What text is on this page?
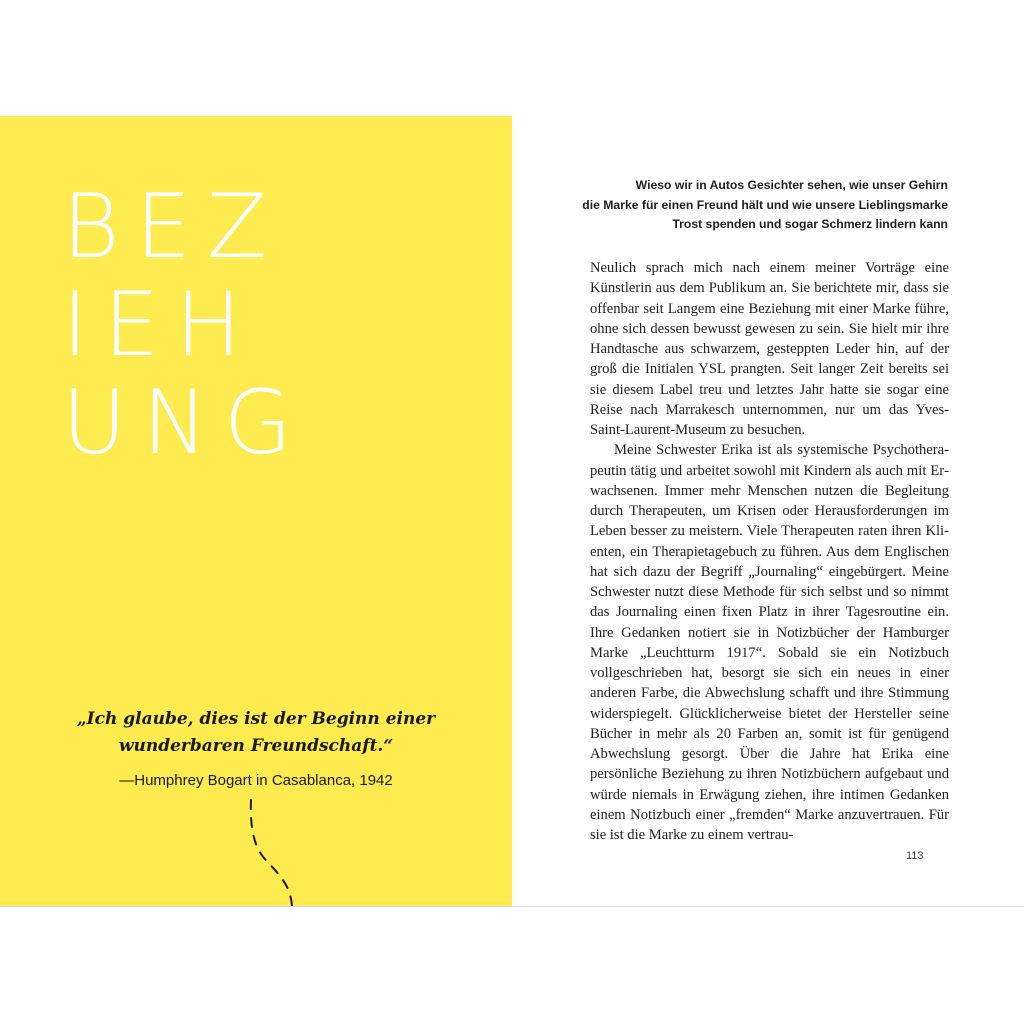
BEZ
IEH
UNG
„Ich glaube, dies ist der Beginn einer
wunderbaren Freundschaft.“
—Humphrey Bogart in Casablanca, 1942
Wieso wir in Autos Gesichter sehen, wie unser Gehirn
die Marke für einen Freund hält und wie unsere Lieblingsmarke
Trost spenden und sogar Schmerz lindern kann

Neulich sprach mich nach einem meiner Vorträge eine Künstlerin aus dem Publikum an. Sie berichtete mir, dass sie offenbar seit Langem eine Beziehung mit einer Marke führe, ohne sich dessen bewusst gewesen zu sein. Sie hielt mir ihre Handtasche aus schwarzem, gesteppten Leder hin, auf der groß die Initialen YSL prangten. Seit langer Zeit bereits sei sie diesem Label treu und letztes Jahr hatte sie sogar eine Reise nach Marrakesch unternommen, nur um das Yves-Saint-Laurent-Museum zu besuchen.

Meine Schwester Erika ist als systemische Psychotherapeutin tätig und arbeitet sowohl mit Kindern als auch mit Erwachsenen. Immer mehr Menschen nutzen die Begleitung durch Therapeuten, um Krisen oder Herausforderungen im Leben besser zu meistern. Viele Therapeuten raten ihren Klienten, ein Therapietagebuch zu führen. Aus dem Englischen hat sich dazu der Begriff „Journaling“ eingebürgert. Meine Schwester nutzt diese Methode für sich selbst und so nimmt das Journaling einen fixen Platz in ihrer Tagesroutine ein. Ihre Gedanken notiert sie in Notizbücher der Hamburger Marke „Leuchtturm 1917“. Sobald sie ein Notizbuch vollgeschrieben hat, besorgt sie sich ein neues in einer anderen Farbe, die Abwechslung schafft und ihre Stimmung widerspiegelt. Glücklicherweise bietet der Hersteller seine Bücher in mehr als 20 Farben an, somit ist für genügend Abwechslung gesorgt. Über die Jahre hat Erika eine persönliche Beziehung zu ihren Notizbüchern aufgebaut und würde niemals in Erwägung ziehen, ihre intimen Gedanken einem Notizbuch einer „fremden“ Marke anzuvertrauen. Für sie ist die Marke zu einem vertrau-

113
